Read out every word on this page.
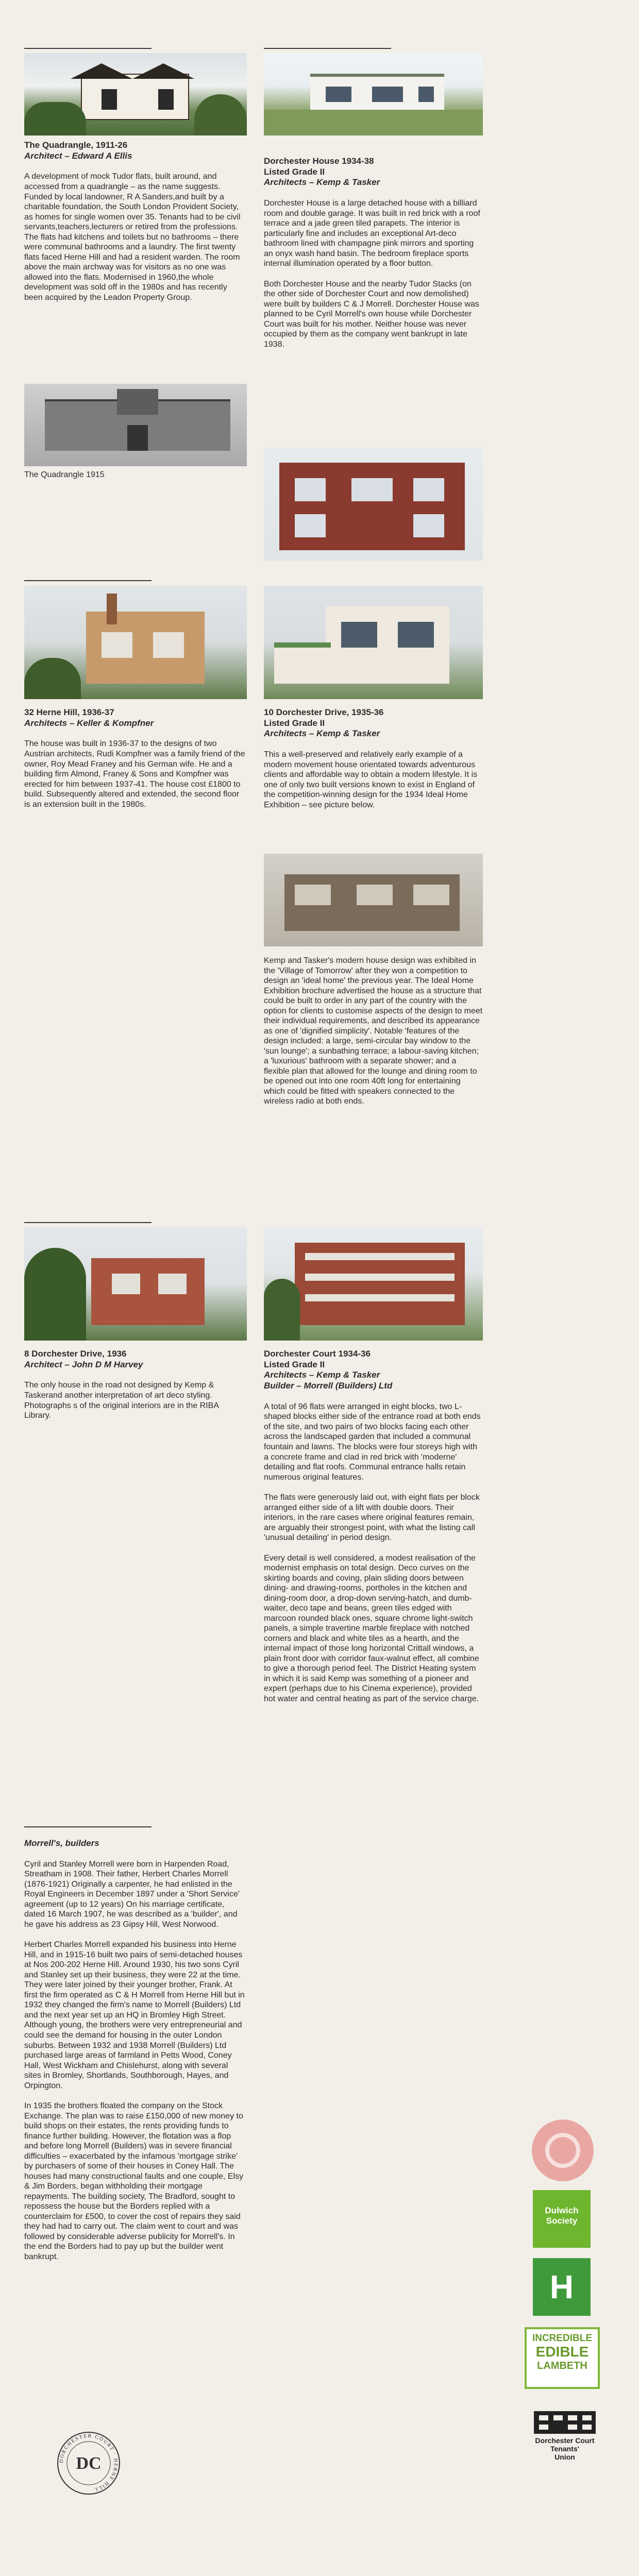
The Quadrangle, 1911-26
Architect – Edward A Ellis
A development of mock Tudor flats, built around, and accessed from a quadrangle – as the name suggests. Funded by local landowner, R A Sanders,and built by a charitable foundation, the South London Provident Society, as homes for single women over 35. Tenants had to be civil servants,teachers,lecturers or retired from the professions. The flats had kitchens and toilets but no bathrooms – there were communal bathrooms and a laundry. The first twenty flats faced Herne Hill and had a resident warden. The room above the main archway was for visitors as no one was allowed into the flats. Modernised in 1960,the whole development was sold off in the 1980s and has recently been acquired by the Leadon Property Group.
The Quadrangle 1915
Dorchester House 1934-38
Listed Grade II
Architects – Kemp & Tasker
Dorchester House is a large detached house with a billiard room and double garage. It was built in red brick with a roof terrace and a jade green tiled parapets. The interior is particularly fine and includes an exceptional Art-deco bathroom lined with champagne pink mirrors and sporting an onyx wash hand basin. The bedroom fireplace sports internal illumination operated by a floor button.
Both Dorchester House and the nearby Tudor Stacks (on the other side of Dorchester Court and now demolished) were built by builders C & J Morrell. Dorchester House was planned to be Cyril Morrell's own house while Dorchester Court was built for his mother. Neither house was never occupied by them as the company went bankrupt in late 1938.
32 Herne Hill, 1936-37
Architects – Keller & Kompfner
The house was built in 1936-37 to the designs of two Austrian architects, Rudi Kompfner was a family friend of the owner, Roy Mead Franey and his German wife. He and a building firm Almond, Franey & Sons and Kompfner was erected for him between 1937-41. The house cost £1800 to build. Subsequently altered and extended, the second floor is an extension built in the 1980s.
10 Dorchester Drive, 1935-36
Listed Grade II
Architects – Kemp & Tasker
This a well-preserved and relatively early example of a modern movement house orientated towards adventurous clients and affordable way to obtain a modern lifestyle. It is one of only two built versions known to exist in England of the competition-winning design for the 1934 Ideal Home Exhibition – see picture below.
Kemp and Tasker's modern house design was exhibited in the 'Village of Tomorrow' after they won a competition to design an 'ideal home' the previous year. The Ideal Home Exhibition brochure advertised the house as a structure that could be built to order in any part of the country with the option for clients to customise aspects of the design to meet their individual requirements, and described its appearance as one of 'dignified simplicity'. Notable 'features of the design included: a large, semi-circular bay window to the 'sun lounge'; a sunbathing terrace; a labour-saving kitchen; a 'luxurious' bathroom with a separate shower; and a flexible plan that allowed for the lounge and dining room to be opened out into one room 40ft long for entertaining which could be fitted with speakers connected to the wireless radio at both ends.
8 Dorchester Drive, 1936
Architect – John D M Harvey
The only house in the road not designed by Kemp & Taskerand another interpretation of art deco styling. Photographs s of the original interiors are in the RIBA Library.
Dorchester Court 1934-36
Listed Grade II
Architects – Kemp & Tasker
Builder – Morrell (Builders) Ltd
A total of 96 flats were arranged in eight blocks, two L-shaped blocks either side of the entrance road at both ends of the site, and two pairs of two blocks facing each other across the landscaped garden that included a communal fountain and lawns. The blocks were four storeys high with a concrete frame and clad in red brick with 'moderne' detailing and flat roofs. Communal entrance halls retain numerous original features.
The flats were generously laid out, with eight flats per block arranged either side of a lift with double doors. Their interiors, in the rare cases where original features remain, are arguably their strongest point, with what the listing call 'unusual detailing' in period design.
Every detail is well considered, a modest realisation of the modernist emphasis on total design. Deco curves on the skirting boards and coving, plain sliding doors between dining- and drawing-rooms, portholes in the kitchen and dining-room door, a drop-down serving-hatch, and dumb-waiter, deco tape and beans, green tiles edged with marcoon rounded black ones, square chrome light-switch panels, a simple travertine marble fireplace with notched corners and black and white tiles as a hearth, and the internal impact of those long horizontal Crittall windows, a plain front door with corridor faux-walnut effect, all combine to give a thorough period feel. The District Heating system in which it is said Kemp was something of a pioneer and expert (perhaps due to his Cinema experience), provided hot water and central heating as part of the service charge.
Morrell's, builders
Cyril and Stanley Morrell were born in Harpenden Road, Streatham in 1908. Their father, Herbert Charles Morrell (1876-1921) Originally a carpenter, he had enlisted in the Royal Engineers in December 1897 under a 'Short Service' agreement (up to 12 years) On his marriage certificate, dated 16 March 1907, he was described as a 'builder', and he gave his address as 23 Gipsy Hill, West Norwood.
Herbert Charles Morrell expanded his business into Herne Hill, and in 1915-16 built two pairs of semi-detached houses at Nos 200-202 Herne Hill. Around 1930, his two sons Cyril and Stanley set up their business, they were 22 at the time. They were later joined by their younger brother, Frank. At first the firm operated as C & H Morrell from Herne Hill but in 1932 they changed the firm's name to Morrell (Builders) Ltd and the next year set up an HQ in Bromley High Street. Although young, the brothers were very entrepreneurial and could see the demand for housing in the outer London suburbs. Between 1932 and 1938 Morrell (Builders) Ltd purchased large areas of farmland in Petts Wood, Coney Hall, West Wickham and Chislehurst, along with several sites in Bromley, Shortlands, Southborough, Hayes, and Orpington.
In 1935 the brothers floated the company on the Stock Exchange. The plan was to raise £150,000 of new money to build shops on their estates, the rents providing funds to finance further building. However, the flotation was a flop and before long Morrell (Builders) was in severe financial difficulties – exacerbated by the infamous 'mortgage strike' by purchasers of some of their houses in Coney Hall. The houses had many constructional faults and one couple, Elsy & Jim Borders, began withholding their mortgage repayments. The building society, The Bradford, sought to repossess the house but the Borders replied with a counterclaim for £500, to cover the cost of repairs they said they had had to carry out. The claim went to court and was followed by considerable adverse publicity for Morrell's. In the end the Borders had to pay up but the builder went bankrupt.
Dulwich
Society
H
INCREDIBLE
EDIBLE
LAMBETH
Dorchester Court
Tenants'
Union
DORCHESTER COURT · HERNE HILL
DC
